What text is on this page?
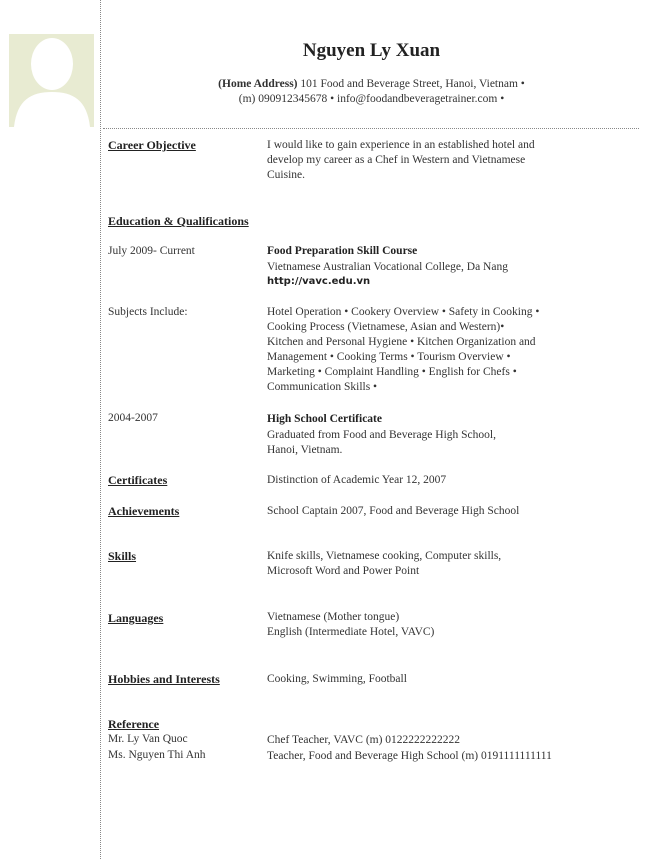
Nguyen Ly Xuan
(Home Address) 101 Food and Beverage Street, Hanoi, Vietnam •
(m) 090912345678 • info@foodandbeveragetrainer.com •
Career Objective	I would like to gain experience in an established hotel and
develop my career as a Chef in Western and Vietnamese
Cuisine.
Education & Qualifications
July 2009- Current	Food Preparation Skill Course
Vietnamese Australian Vocational College, Da Nang
http://vavc.edu.vn
Subjects Include:	Hotel Operation • Cookery Overview • Safety in Cooking •
Cooking Process (Vietnamese, Asian and Western)•
Kitchen and Personal Hygiene • Kitchen Organization and
Management • Cooking Terms • Tourism Overview •
Marketing • Complaint Handling • English for Chefs •
Communication Skills •
2004-2007	High School Certificate
Graduated from Food and Beverage High School,
Hanoi, Vietnam.
Certificates	Distinction of Academic Year 12, 2007
Achievements	School Captain 2007, Food and Beverage High School
Skills	Knife skills, Vietnamese cooking, Computer skills,
Microsoft Word and Power Point
Languages	Vietnamese (Mother tongue)
English (Intermediate Hotel, VAVC)
Hobbies and Interests	Cooking, Swimming, Football
Reference
Mr. Ly Van Quoc	Chef Teacher, VAVC (m) 0122222222222
Ms. Nguyen Thi Anh	Teacher, Food and Beverage High School (m) 0191111111111
